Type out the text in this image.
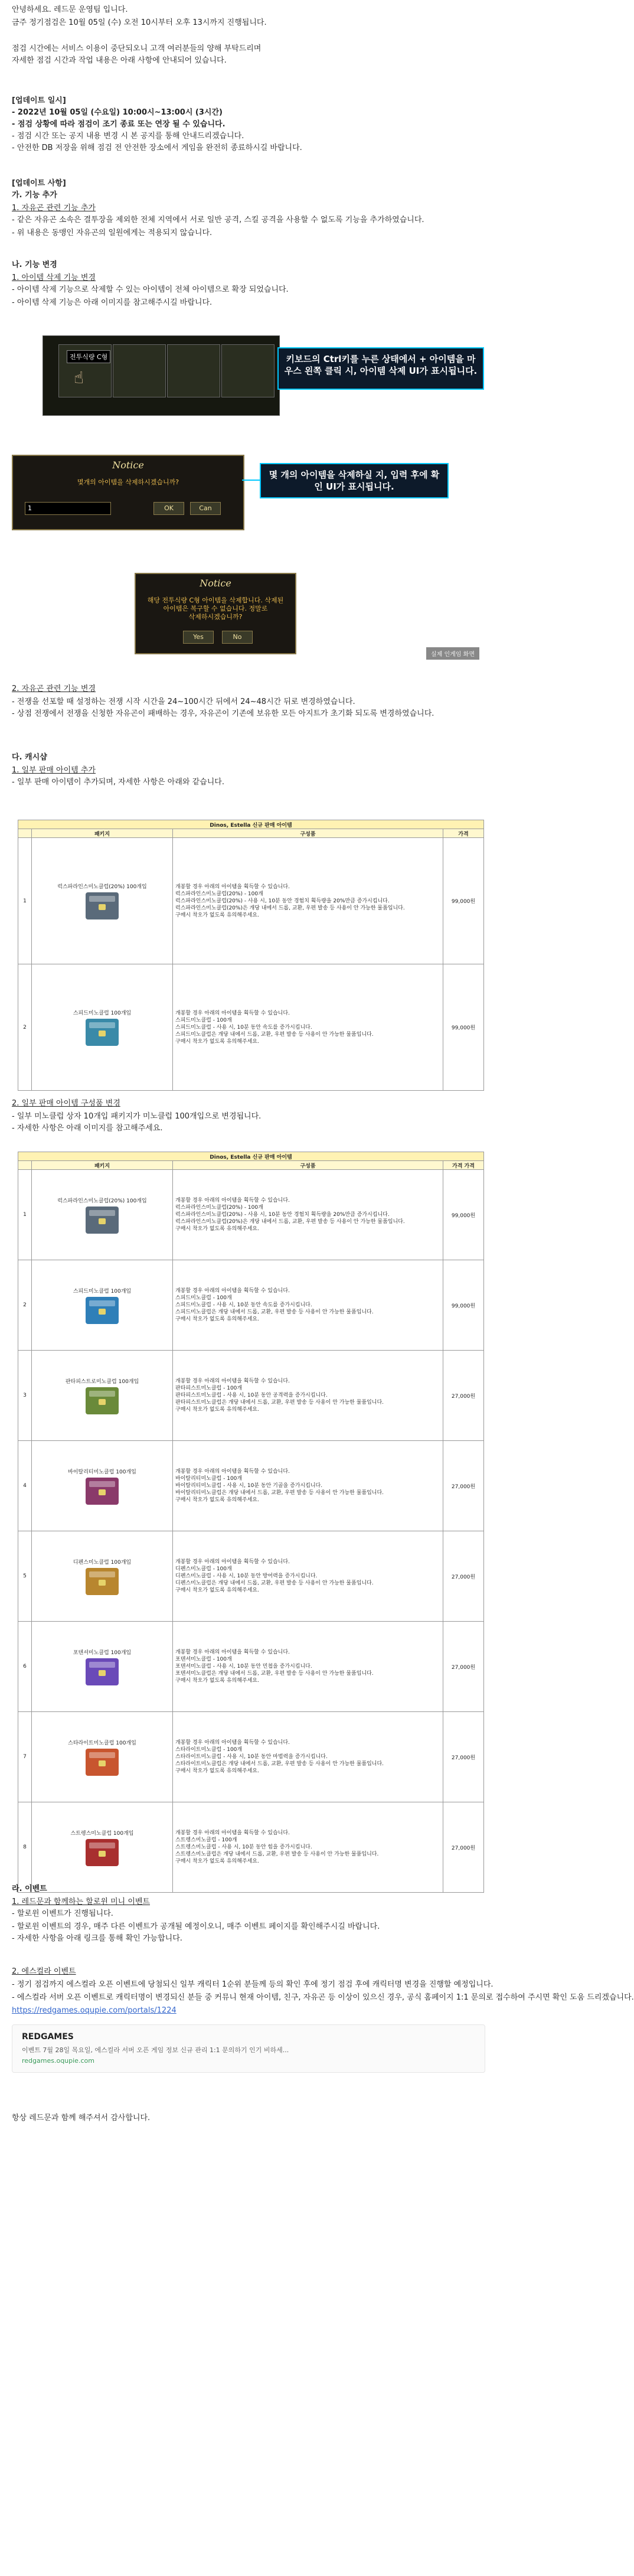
안녕하세요. 레드문 운영팀 입니다.
금주 정기점검은 10월 05일 (수) 오전 10시부터 오후 13시까지 진행됩니다.
점검 시간에는 서비스 이용이 중단되오니 고객 여러분들의 양해 부탁드리며
자세한 점검 시간과 작업 내용은 아래 사항에 안내되어 있습니다.
[업데이트 일시]
- 2022년 10월 05일 (수요일) 10:00시~13:00시 (3시간)
- 점검 상황에 따라 점검이 조기 종료 또는 연장 될 수 있습니다.
- 점검 시간 또는 공지 내용 변경 시 본 공지를 통해 안내드리겠습니다.
- 안전한 DB 저장을 위해 점검 전 안전한 장소에서 게임을 완전히 종료하시길 바랍니다.
[업데이트 사항]
가. 기능 추가
1. 자유곤 관련 기능 추가
- 같은 자유곤 소속은 결투장을 제외한 전체 지역에서 서로 일반 공격, 스킬 공격을 사용할 수 없도록 기능을 추가하였습니다.
- 위 내용은 동맹인 자유곤의 일원에게는 적용되지 않습니다.
나. 기능 변경
1. 아이템 삭제 기능 변경
- 아이템 삭제 기능으로 삭제할 수 있는 아이템이 전체 아이템으로 확장 되었습니다.
- 아이템 삭제 기능은 아래 이미지를 참고해주시길 바랍니다.
전투식량 C형
☝
키보드의 Ctrl키를 누른 상태에서 + 아이템을 마우스 왼쪽 클릭 시, 아이템 삭제 UI가 표시됩니다.
Notice
몇개의 아이템을 삭제하시겠습니까?
1	OK	Can
몇 개의 아이템을 삭제하실 지, 입력 후에 확인 UI가 표시됩니다.
Notice
해당 전투식량 C형 아이템을 삭제합니다. 삭제된
아이템은 복구할 수 없습니다. 정말로
삭제하시겠습니까?
Yes	No
실제 인게임 화면
2. 자유곤 관련 기능 변경
- 전쟁을 선포할 때 설정하는 전쟁 시작 시간을 24~100시간 뒤에서 24~48시간 뒤로 변경하였습니다.
- 상점 전쟁에서 전쟁을 신청한 자유곤이 패배하는 경우, 자유곤이 기존에 보유한 모든 아지트가 초기화 되도록 변경하였습니다.
다. 캐시샵
1. 일부 판매 아이템 추가
- 일부 판매 아이템이 추가되며, 자세한 사항은 아래와 같습니다.
Dinos, Estella 신규 판매 아이템			
	패키지	구성품	가격
1	럭스파라인스미노클럽(20%) 100개입	개봉할 경우 아래의 아이템을 획득할 수 있습니다.

럭스파라인스미노클럽(20%) - 100개

럭스파라인스미노클럽(20%) - 사용 시, 10분 동안 경험치 획득량을 20%만큼 증가시킵니다.

럭스파라인스미노클럽(20%)은 개당 내에서 드롭, 교환, 우편 발송 등 사용이 안 가능한 물품입니다.

구매시 착오가 없도록 유의해주세요.	99,000원
2	스피드미노클럽 100개입	개봉할 경우 아래의 아이템을 획득할 수 있습니다.

스피드미노클럽 - 100개

스피드미노클럽 - 사용 시, 10분 동안 속도를 증가시킵니다.

스피드미노클럽은 개당 내에서 드롭, 교환, 우편 발송 등 사용이 안 가능한 물품입니다.

구매시 착오가 없도록 유의해주세요.	99,000원
2. 일부 판매 아이템 구성품 변경
- 일부 미노클럽 상자 10개입 패키지가 미노클럽 100개입으로 변경됩니다.
- 자세한 사항은 아래 이미지를 참고해주세요.
Dinos, Estella 신규 판매 아이템			
	패키지	구성품	가격 가격
1	럭스파라인스미노클럽(20%) 100개입	개봉할 경우 아래의 아이템을 획득할 수 있습니다.

럭스파라인스미노클럽(20%) - 100개

럭스파라인스미노클럽(20%) - 사용 시, 10분 동안 경험치 획득량을 20%만큼 증가시킵니다.

럭스파라인스미노클럽(20%)은 개당 내에서 드롭, 교환, 우편 발송 등 사용이 안 가능한 물품입니다.

구매시 착오가 없도록 유의해주세요.	99,000원
2	스피드미노클럽 100개입	개봉할 경우 아래의 아이템을 획득할 수 있습니다.

스피드미노클럽 - 100개

스피드미노클럽 - 사용 시, 10분 동안 속도를 증가시킵니다.

스피드미노클럽은 개당 내에서 드롭, 교환, 우편 발송 등 사용이 안 가능한 물품입니다.

구매시 착오가 없도록 유의해주세요.	99,000원
3	판타피스트로미노클럽 100개입	개봉할 경우 아래의 아이템을 획득할 수 있습니다.

판타피스트미노클럽 - 100개

판타피스트미노클럽 - 사용 시, 10분 동안 공격력을 증가시킵니다.

판타피스트미노클럽은 개당 내에서 드롭, 교환, 우편 발송 등 사용이 안 가능한 물품입니다.

구매시 착오가 없도록 유의해주세요.	27,000원
4	바이탈리티미노클럽 100개입	개봉할 경우 아래의 아이템을 획득할 수 있습니다.

바이탈리티미노클럽 - 100개

바이탈리티미노클럽 - 사용 시, 10분 동안 기골을 증가시킵니다.

바이탈리티미노클럽은 개당 내에서 드롭, 교환, 우편 발송 등 사용이 안 가능한 물품입니다.

구매시 착오가 없도록 유의해주세요.	27,000원
5	디펜스미노클럽 100개입	개봉할 경우 아래의 아이템을 획득할 수 있습니다.

디펜스미노클럽 - 100개

디펜스미노클럽 - 사용 시, 10분 동안 방어력을 증가시킵니다.

디펜스미노클럽은 개당 내에서 드롭, 교환, 우편 발송 등 사용이 안 가능한 물품입니다.

구매시 착오가 없도록 유의해주세요.	27,000원
6	포텐셔미노클럽 100개입	개봉할 경우 아래의 아이템을 획득할 수 있습니다.

포텐셔미노클럽 - 100개

포텐셔미노클럽 - 사용 시, 10분 동안 민첩을 증가시킵니다.

포텐셔미노클럽은 개당 내에서 드롭, 교환, 우편 발송 등 사용이 안 가능한 물품입니다.

구매시 착오가 없도록 유의해주세요.	27,000원
7	스타라이트미노클럽 100개입	개봉할 경우 아래의 아이템을 획득할 수 있습니다.

스타라이트미노클럽 - 100개

스타라이트미노클럽 - 사용 시, 10분 동안 마법력을 증가시킵니다.

스타라이트미노클럽은 개당 내에서 드롭, 교환, 우편 발송 등 사용이 안 가능한 물품입니다.

구매시 착오가 없도록 유의해주세요.	27,000원
8	스트렝스미노클럽 100개입	개봉할 경우 아래의 아이템을 획득할 수 있습니다.

스트렝스미노클럽 - 100개

스트렝스미노클럽 - 사용 시, 10분 동안 힘을 증가시킵니다.

스트렝스미노클럽은 개당 내에서 드롭, 교환, 우편 발송 등 사용이 안 가능한 물품입니다.

구매시 착오가 없도록 유의해주세요.	27,000원
라. 이벤트
1. 레드문과 함께하는 할로윈 미니 이벤트
- 할로윈 이벤트가 진행됩니다.
- 할로윈 이벤트의 경우, 매주 다른 이벤트가 공개될 예정이오니, 매주 이벤트 페이지를 확인해주시길 바랍니다.
- 자세한 사항을 아래 링크를 통해 확인 가능합니다.
2. 에스컬라 이벤트
- 정기 점검까지 에스컬라 오픈 이벤트에 당첨되신 일부 캐릭터 1순위 분들께 등의 확인 후에 정기 점검 후에 캐릭터명 변경을 진행할 예정입니다.
- 에스컬라 서버 오픈 이벤트로 캐릭터명이 변경되신 분들 중 커뮤니 현재 아이템, 친구, 자유곤 등 이상이 있으신 경우, 공식 홈페이지 1:1 문의로 접수하여 주시면 확인 도움 드리겠습니다.
https://redgames.oqupie.com/portals/1224
REDGAMES
이벤트 7월 28일 목요일, 에스컬라 서버 오픈 게임 정보 신규 관리 1:1 문의하기 인기 비하세...
redgames.oqupie.com
항상 레드문과 함께 해주셔서 감사합니다.
